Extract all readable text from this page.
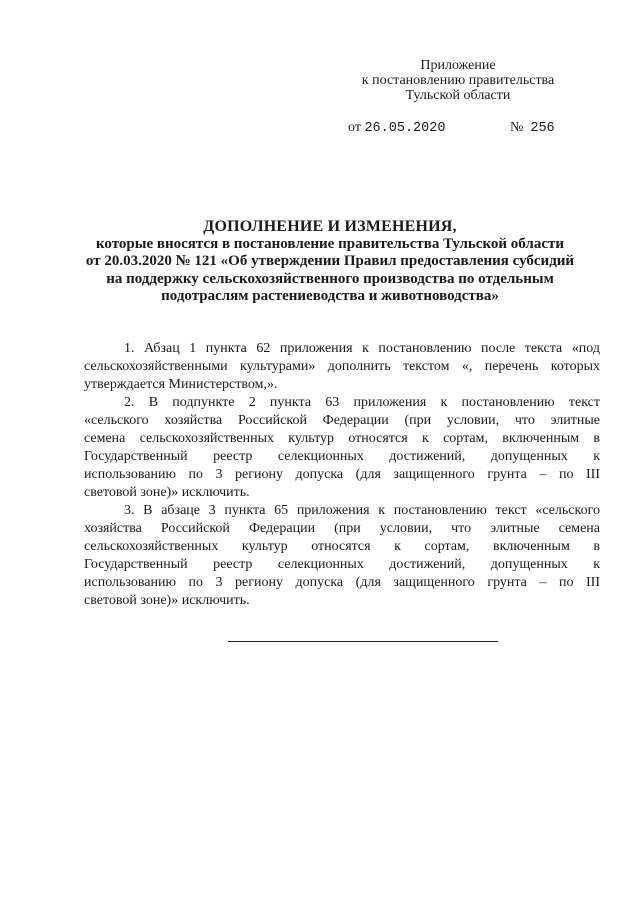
Приложение
к постановлению правительства
Тульской области
от 26.05.2020	№ 256
ДОПОЛНЕНИЕ И ИЗМЕНЕНИЯ,
которые вносятся в постановление правительства Тульской области
от 20.03.2020 № 121 «Об утверждении Правил предоставления субсидий
на поддержку сельскохозяйственного производства по отдельным
подотраслям растениеводства и животноводства»

1. Абзац 1 пункта 62 приложения к постановлению после текста «под
сельскохозяйственными культурами» дополнить текстом «, перечень которых
утверждается Министерством,».

2. В подпункте 2 пункта 63 приложения к постановлению текст
«сельского хозяйства Российской Федерации (при условии, что элитные
семена сельскохозяйственных культур относятся к сортам, включенным в
Государственный реестр селекционных достижений, допущенных к
использованию по 3 региону допуска (для защищенного грунта – по III
световой зоне)» исключить.

3. В абзаце 3 пункта 65 приложения к постановлению текст «сельского
хозяйства Российской Федерации (при условии, что элитные семена
сельскохозяйственных культур относятся к сортам, включенным в
Государственный реестр селекционных достижений, допущенных к
использованию по 3 региону допуска (для защищенного грунта – по III
световой зоне)» исключить.
